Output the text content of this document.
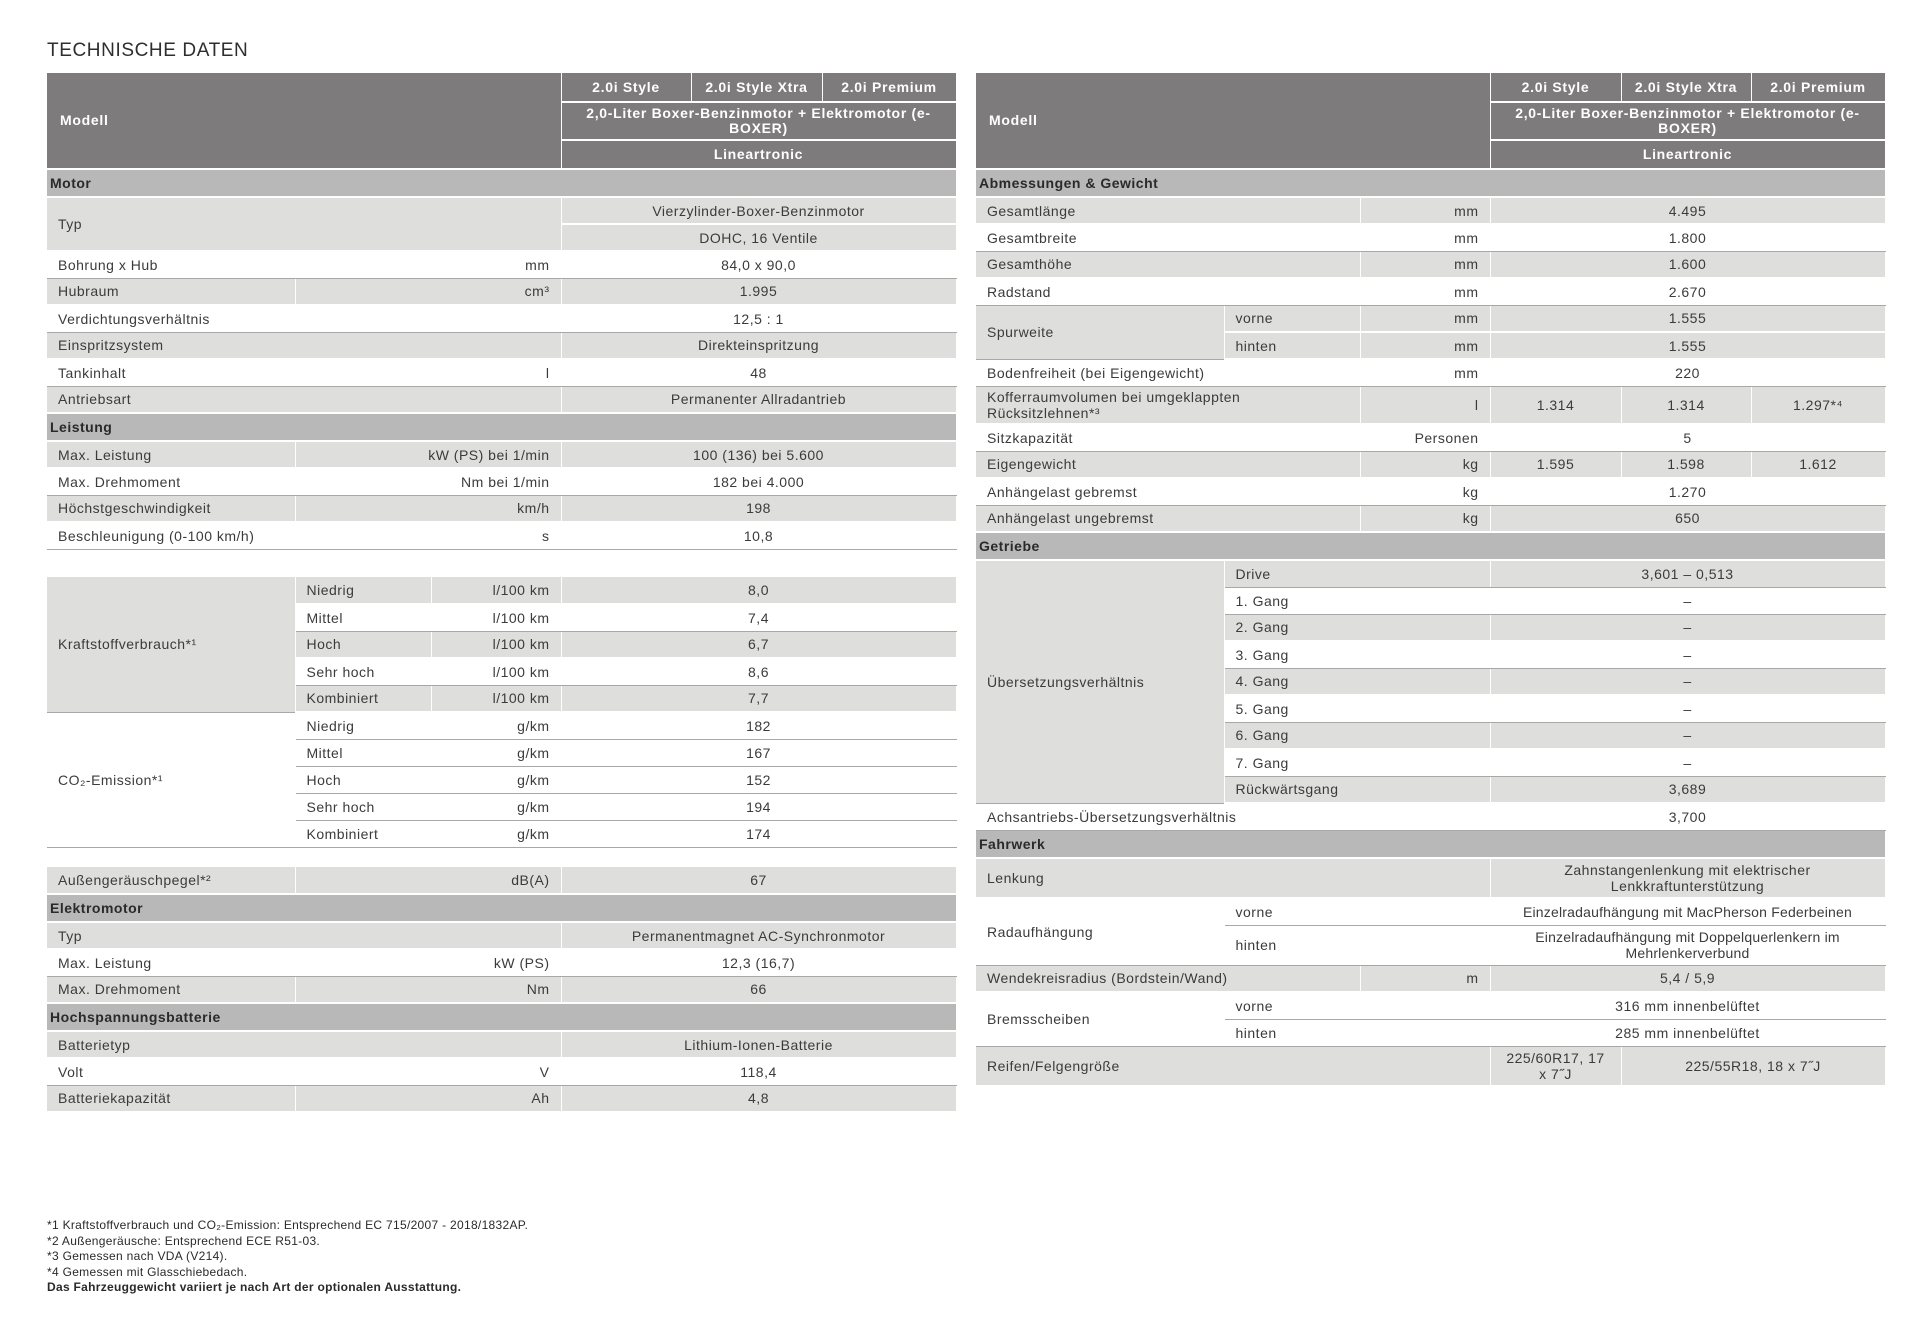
TECHNISCHE DATEN
Modell		2.0i Style	2.0i Style Xtra	2.0i Premium
		2,0-Liter Boxer-Benzinmotor + Elektromotor (e-BOXER)		
		Lineartronic		
Motor				
Typ		Vierzylinder-Boxer-Benzinmotor		
		DOHC, 16 Ventile		
Bohrung x Hub	mm	84,0 x 90,0		
Hubraum	cm³	1.995		
Verdichtungsverhältnis		12,5 : 1		
Einspritzsystem		Direkteinspritzung		
Tankinhalt	l	48		
Antriebsart		Permanenter Allradantrieb		
Leistung				
Max. Leistung	kW (PS) bei 1/min	100 (136) bei 5.600		
Max. Drehmoment	Nm bei 1/min	182 bei 4.000		
Höchstgeschwindigkeit	km/h	198		
Beschleunigung (0-100 km/h)	s	10,8		
Kraftstoffverbrauch*¹	Niedrig	l/100 km	8,0
	Mittel	l/100 km	7,4
	Hoch	l/100 km	6,7
	Sehr hoch	l/100 km	8,6
	Kombiniert	l/100 km	7,7
CO₂-Emission*¹	Niedrig	g/km	182
	Mittel	g/km	167
	Hoch	g/km	152
	Sehr hoch	g/km	194
	Kombiniert	g/km	174
Außengeräuschpegel*²	dB(A)	67
Elektromotor		
Typ		Permanentmagnet AC-Synchronmotor
Max. Leistung	kW (PS)	12,3 (16,7)
Max. Drehmoment	Nm	66
Hochspannungsbatterie		
Batterietyp		Lithium-Ionen-Batterie
Volt	V	118,4
Batteriekapazität	Ah	4,8
Modell			2.0i Style	2.0i Style Xtra	2.0i Premium
			2,0-Liter Boxer-Benzinmotor + Elektromotor (e-BOXER)		
			Lineartronic		
Abmessungen & Gewicht					
Gesamtlänge		mm	4.495		
Gesamtbreite		mm	1.800		
Gesamthöhe		mm	1.600		
Radstand		mm	2.670		
Spurweite	vorne	mm	1.555		
	hinten	mm	1.555		
Bodenfreiheit (bei Eigengewicht)		mm	220		
Kofferraumvolumen bei umgeklappten Rücksitzlehnen*³		l	1.314	1.314	1.297*⁴
Sitzkapazität		Personen	5		
Eigengewicht		kg	1.595	1.598	1.612
Anhängelast gebremst		kg	1.270		
Anhängelast ungebremst		kg	650		
Getriebe					
Übersetzungsverhältnis	Drive		3,601 – 0,513		
	1. Gang		–		
	2. Gang		–		
	3. Gang		–		
	4. Gang		–		
	5. Gang		–		
	6. Gang		–		
	7. Gang		–		
	Rückwärtsgang		3,689		
Achsantriebs-Übersetzungsverhältnis			3,700		
Fahrwerk					
Lenkung			Zahnstangenlenkung mit elektrischer Lenkkraftunterstützung		
Radaufhängung	vorne		Einzelradaufhängung mit MacPherson Federbeinen		
	hinten		Einzelradaufhängung mit Doppelquerlenkern im Mehrlenkerverbund		
Wendekreisradius (Bordstein/Wand)		m	5,4 / 5,9		
Bremsscheiben	vorne		316 mm innenbelüftet		
	hinten		285 mm innenbelüftet		
Reifen/Felgengröße			225/60R17, 17 x 7˝J	225/55R18, 18 x 7˝J	
*1 Kraftstoffverbrauch und CO₂-Emission: Entsprechend EC 715/2007 - 2018/1832AP.
*2 Außengeräusche: Entsprechend ECE R51-03.
*3 Gemessen nach VDA (V214).
*4 Gemessen mit Glasschiebedach.
Das Fahrzeuggewicht variiert je nach Art der optionalen Ausstattung.
